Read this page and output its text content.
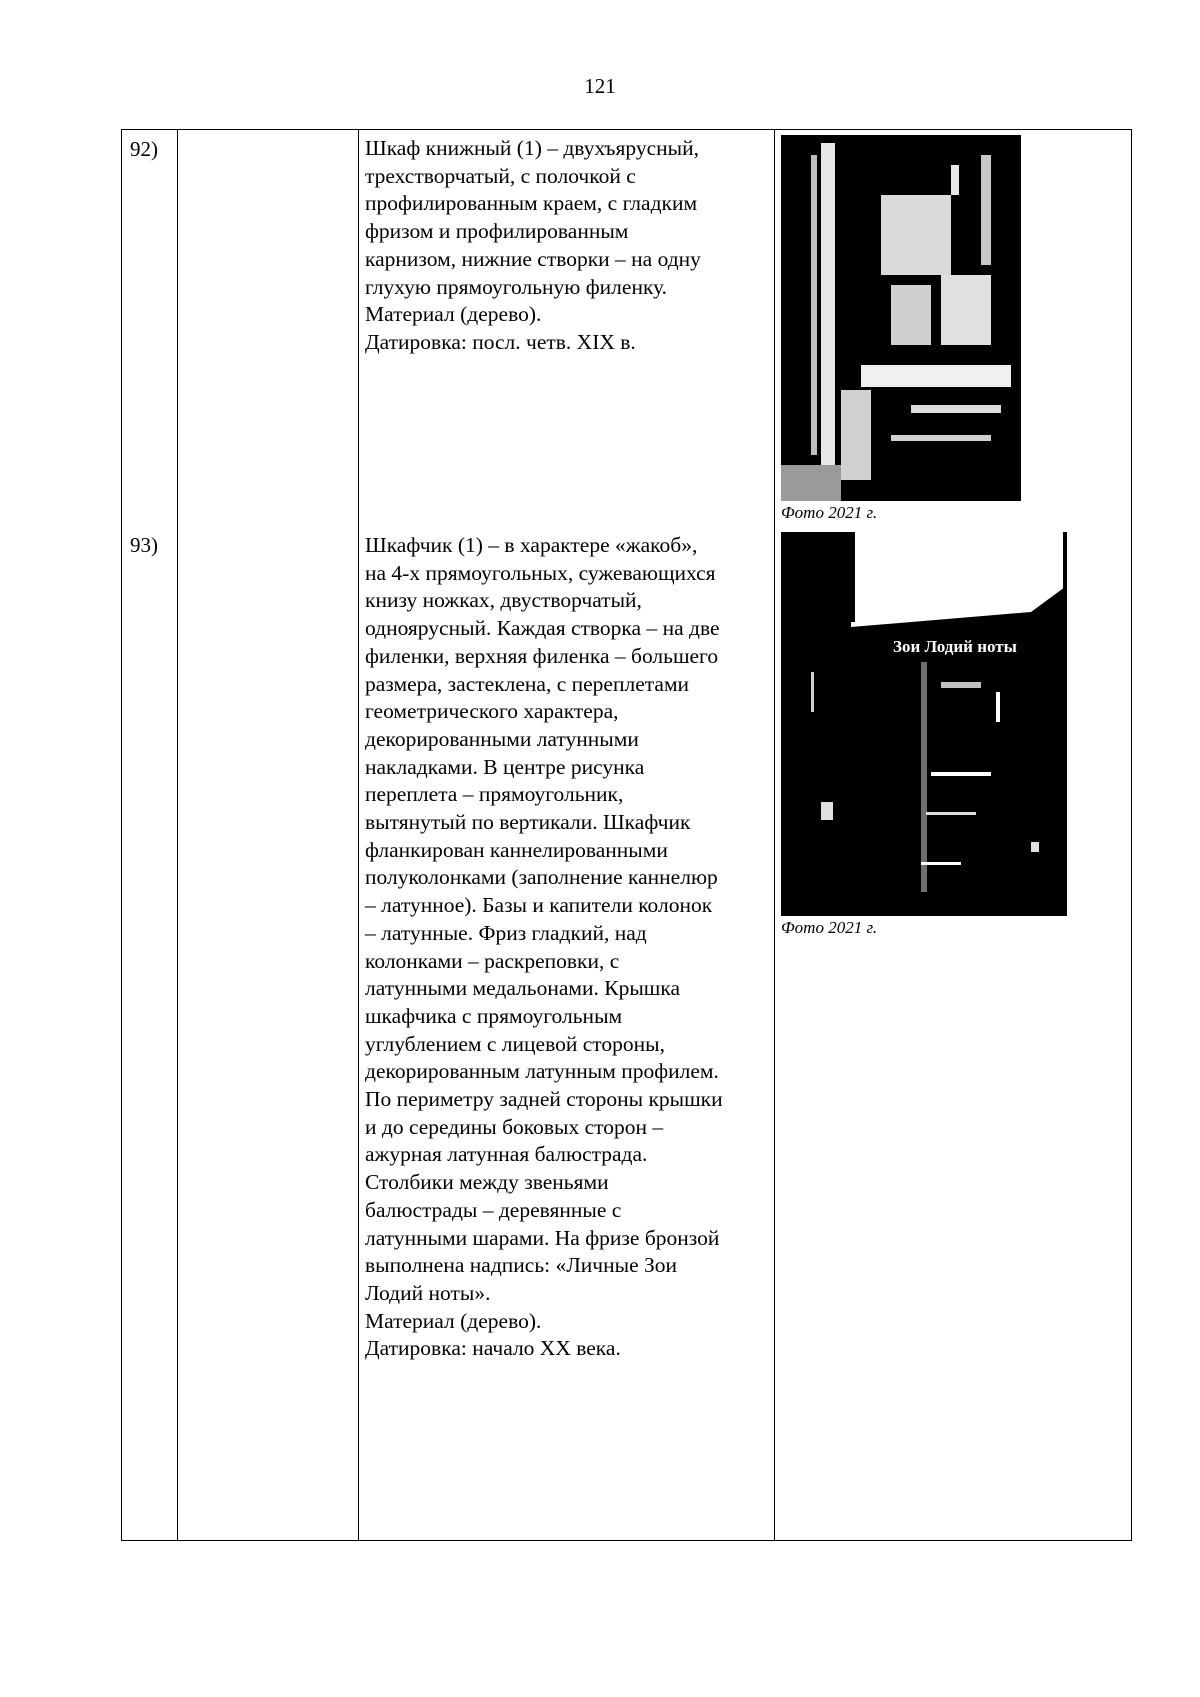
121
92)	Шкаф книжный (1) – двухъярусный,
трехстворчатый, с полочкой с
профилированным краем, с гладким
фризом и профилированным
карнизом, нижние створки – на одну
глухую прямоугольную филенку.
Материал (дерево).
Датировка: посл. четв. XIX в.
Фото 2021 г.
93)	Шкафчик (1) – в характере «жакоб»,
на 4-х прямоугольных, сужевающихся
книзу ножках, двустворчатый,
одноярусный. Каждая створка – на две
филенки, верхняя филенка – большего
размера, застеклена, с переплетами
геометрического характера,
декорированными латунными
накладками. В центре рисунка
переплета – прямоугольник,
вытянутый по вертикали. Шкафчик
фланкирован каннелированными
полуколонками (заполнение каннелюр
– латунное). Базы и капители колонок
– латунные. Фриз гладкий, над
колонками – раскреповки, с
латунными медальонами. Крышка
шкафчика с прямоугольным
углублением с лицевой стороны,
декорированным латунным профилем.
По периметру задней стороны крышки
и до середины боковых сторон –
ажурная латунная балюстрада.
Столбики между звеньями
балюстрады – деревянные с
латунными шарами. На фризе бронзой
выполнена надпись: «Личные Зои
Лодий ноты».
Материал (дерево).
Датировка: начало XX века.
Зои Лодий ноты
Фото 2021 г.
